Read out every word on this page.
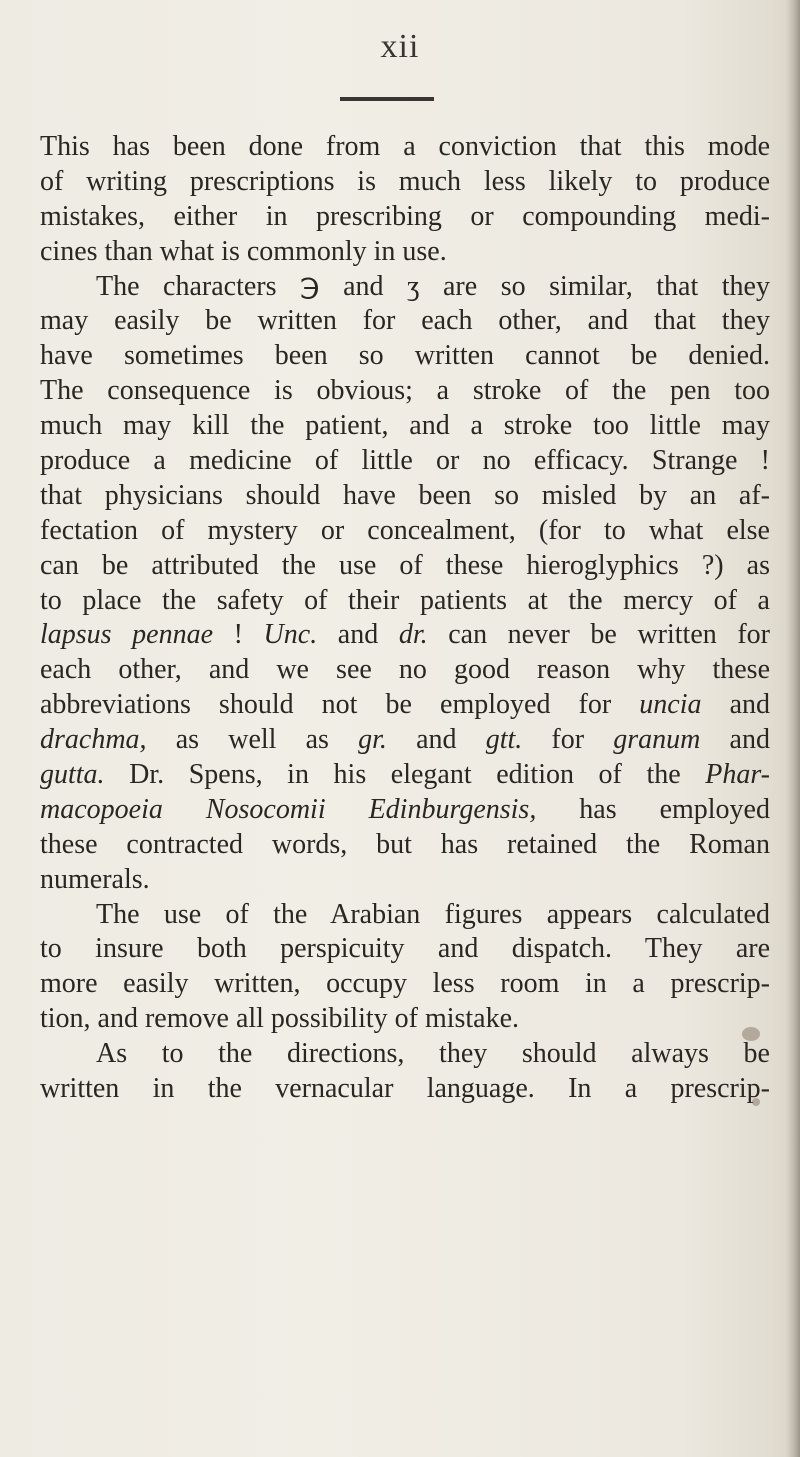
xii
This has been done from a conviction that this mode
of writing prescriptions is much less likely to produce
mistakes, either in prescribing or compounding medi-
cines than what is commonly in use.
The characters ℈ and ʒ are so similar, that they
may easily be written for each other, and that they
have sometimes been so written cannot be denied.
The consequence is obvious; a stroke of the pen too
much may kill the patient, and a stroke too little may
produce a medicine of little or no efficacy. Strange !
that physicians should have been so misled by an af-
fectation of mystery or concealment, (for to what else
can be attributed the use of these hieroglyphics ?) as
to place the safety of their patients at the mercy of a
lapsus pennae ! Unc. and dr. can never be written for
each other, and we see no good reason why these
abbreviations should not be employed for uncia and
drachma, as well as gr. and gtt. for granum and
gutta. Dr. Spens, in his elegant edition of the Phar-
macopoeia Nosocomii Edinburgensis, has employed
these contracted words, but has retained the Roman
numerals.
The use of the Arabian figures appears calculated
to insure both perspicuity and dispatch. They are
more easily written, occupy less room in a prescrip-
tion, and remove all possibility of mistake.
As to the directions, they should always be
written in the vernacular language. In a prescrip-
